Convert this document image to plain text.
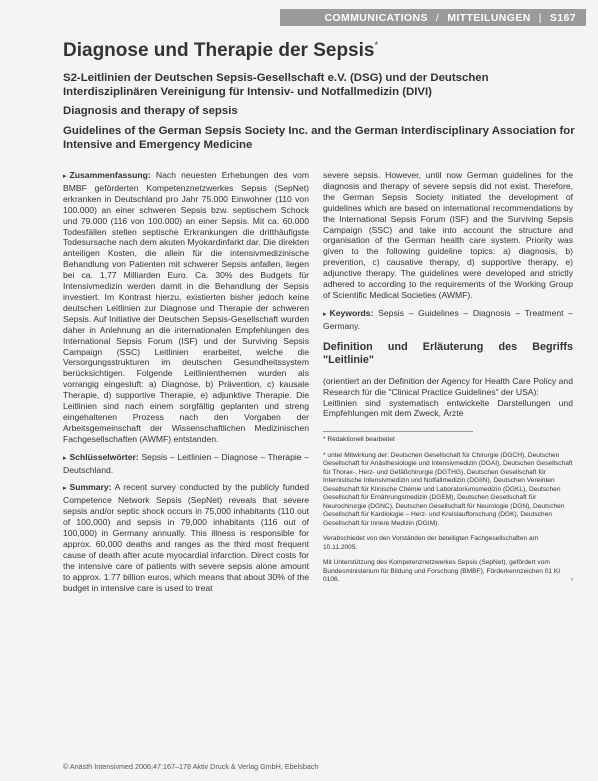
COMMUNICATIONS / MITTEILUNGEN | S167
Diagnose und Therapie der Sepsis*
S2-Leitlinien der Deutschen Sepsis-Gesellschaft e.V. (DSG) und der Deutschen Interdisziplinären Vereinigung für Intensiv- und Notfallmedizin (DIVI)
Diagnosis and therapy of sepsis
Guidelines of the German Sepsis Society Inc. and the German Interdisciplinary Association for Intensive and Emergency Medicine

▸ Zusammenfassung: Nach neuesten Erhebungen des vom BMBF geförderten Kompetenznetzwerkes Sepsis (SepNet) erkranken in Deutschland pro Jahr 75.000 Einwohner (110 von 100.000) an einer schweren Sepsis bzw. septischem Schock und 79.000 (116 von 100.000) an einer Sepsis. Mit ca. 60.000 Todesfällen stellen septische Erkrankungen die dritthäufigste Todesursache nach dem akuten Myokardinfarkt dar. Die direkten anteiligen Kosten, die allein für die intensivmedizinische Behandlung von Patienten mit schwerer Sepsis anfallen, liegen bei ca. 1,77 Milliarden Euro. Ca. 30% des Budgets für Intensivmedizin werden damit in die Behandlung der Sepsis investiert. Im Kontrast hierzu, existierten bisher jedoch keine deutschen Leitlinien zur Diagnose und Therapie der schweren Sepsis. Auf Initiative der Deutschen Sepsis-Gesellschaft wurden daher in Anlehnung an die internationalen Empfehlungen des International Sepsis Forum (ISF) und der Surviving Sepsis Campaign (SSC) Leitlinien erarbeitet, welche die Versorgungsstrukturen im deutschen Gesundheitssystem berücksichtigen. Folgende Leitlinienthemen wurden als vorrangig eingestuft: a) Diagnose, b) Prävention, c) kausale Therapie, d) supportive Therapie, e) adjunktive Therapie. Die Leitlinien sind nach einem sorgfältig geplanten und streng eingehaltenen Prozess nach den Vorgaben der Arbeitsgemeinschaft der Wissenschaftlichen Medizinischen Fachgesellschaften (AWMF) entstanden.

▸ Schlüsselwörter: Sepsis – Leitlinien – Diagnose – Therapie – Deutschland.

▸ Summary: A recent survey conducted by the publicly funded Competence Network Sepsis (SepNet) reveals that severe sepsis and/or septic shock occurs in 75,000 inhabitants (110 out of 100,000) and sepsis in 79,000 inhabitants (116 out of 100,000) in Germany annually. This illness is responsible for approx. 60,000 deaths and ranges as the third most frequent cause of death after acute myocardial infarction. Direct costs for the intensive care of patients with severe sepsis alone amount to approx. 1.77 billion euros, which means that about 30% of the budget in intensive care is used to treat

severe sepsis. However, until now German guidelines for the diagnosis and therapy of severe sepsis did not exist. Therefore, the German Sepsis Society initiated the development of guidelines which are based on international recommendations by the International Sepsis Forum (ISF) and the Surviving Sepsis Campaign (SSC) and take into account the structure and organisation of the German health care system. Priority was given to the following guideline topics: a) diagnosis, b) prevention, c) causative therapy, d) supportive therapy, e) adjunctive therapy. The guidelines were developed and strictly adhered to according to the requirements of the Working Group of Scientific Medical Societies (AWMF).

▸ Keywords: Sepsis – Guidelines – Diagnosis – Treatment – Germany.

Definition und Erläuterung des Begriffs "Leitlinie"

(orientiert an der Definition der Agency for Health Care Policy and Research für die "Clinical Practice Guidelines" der USA):

Leitlinien sind systematisch entwickelte Darstellungen und Empfehlungen mit dem Zweck, Ärzte

* Redaktionell bearbeitet

* unter Mitwirkung der: Deutschen Gesellschaft für Chirurgie (DGCH), Deutschen Gesellschaft für Anästhesiologie und Intensivmedizin (DGAI), Deutschen Gesellschaft für Thorax-, Herz- und Gefäßchirurgie (DGTHG), Deutschen Gesellschaft für Internistische Intensivmedizin und Notfallmedizin (DGIIN), Deutschen Vereinten Gesellschaft für Klinische Chemie und Laboratoriumsmedizin (DGKL), Deutschen Gesellschaft für Ernährungsmedizin (DGEM), Deutschen Gesellschaft für Neurochirurgie (DGNC), Deutschen Gesellschaft für Neurologie (DGN), Deutschen Gesellschaft für Kardiologie – Herz- und Kreislaufforschung (DGK), Deutschen Gesellschaft für Innere Medizin (DGIM).

Verabschiedet von den Vorständen der beteiligten Fachgesellschaften am 10.11.2005.

Mit Unterstützung des Kompetenznetzwerkes Sepsis (SepNet), gefördert vom Bundesministerium für Bildung und Forschung (BMBF), Förderkennzeichen 01 KI 0106.	›

© Anästh Intensivmed 2006;47:167–178 Aktiv Druck & Verlag GmbH, Ebelsbach
